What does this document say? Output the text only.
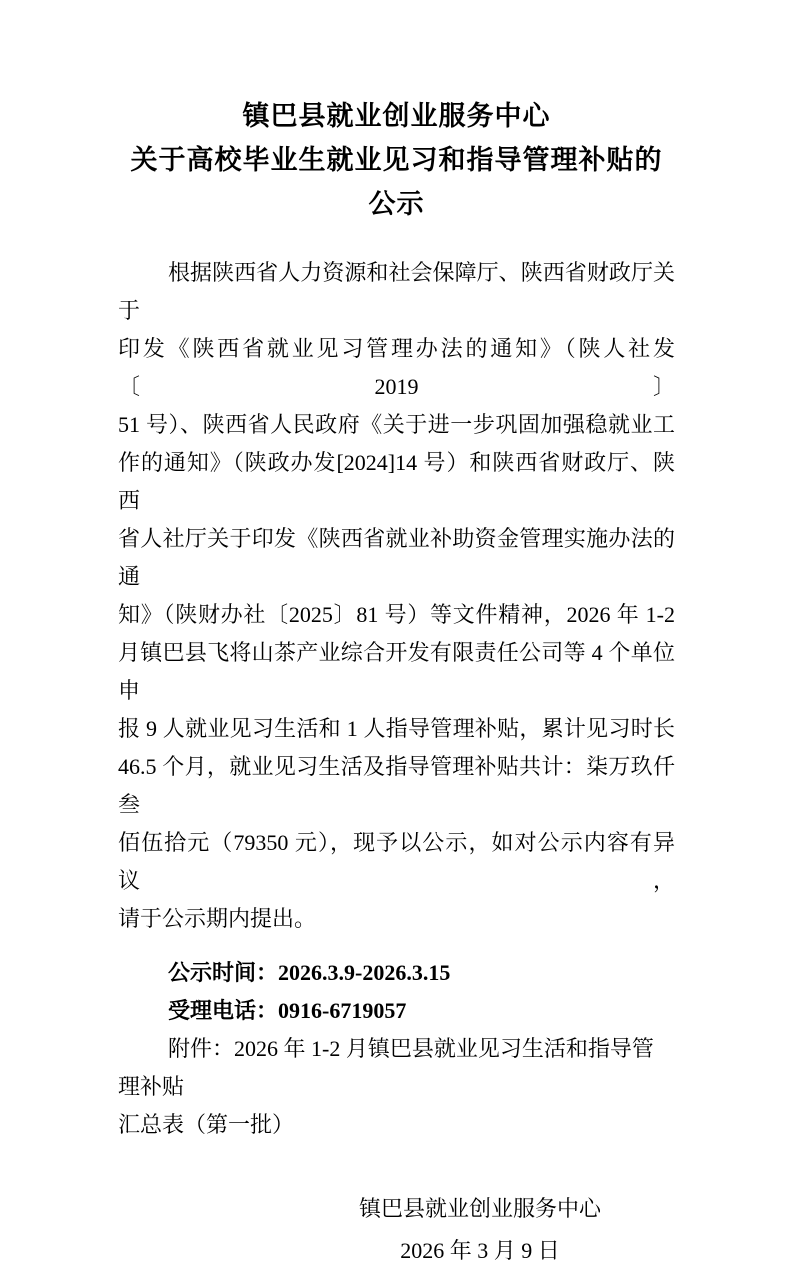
镇巴县就业创业服务中心
关于高校毕业生就业见习和指导管理补贴的公示
根据陕西省人力资源和社会保障厅、陕西省财政厅关于
印发《陕西省就业见习管理办法的通知》（陕人社发〔2019〕
51 号）、陕西省人民政府《关于进一步巩固加强稳就业工
作的通知》（陕政办发[2024]14 号）和陕西省财政厅、陕西
省人社厅关于印发《陕西省就业补助资金管理实施办法的通
知》（陕财办社〔2025〕81 号）等文件精神，2026 年 1-2
月镇巴县飞将山茶产业综合开发有限责任公司等 4 个单位申
报 9 人就业见习生活和 1 人指导管理补贴，累计见习时长
46.5 个月，就业见习生活及指导管理补贴共计：柒万玖仟叁
佰伍拾元（79350 元），现予以公示，如对公示内容有异议，
请于公示期内提出。
公示时间：2026.3.9-2026.3.15
受理电话：0916-6719057
附件：2026 年 1-2 月镇巴县就业见习生活和指导管理补贴
汇总表（第一批）
镇巴县就业创业服务中心
2026 年 3 月 9 日
